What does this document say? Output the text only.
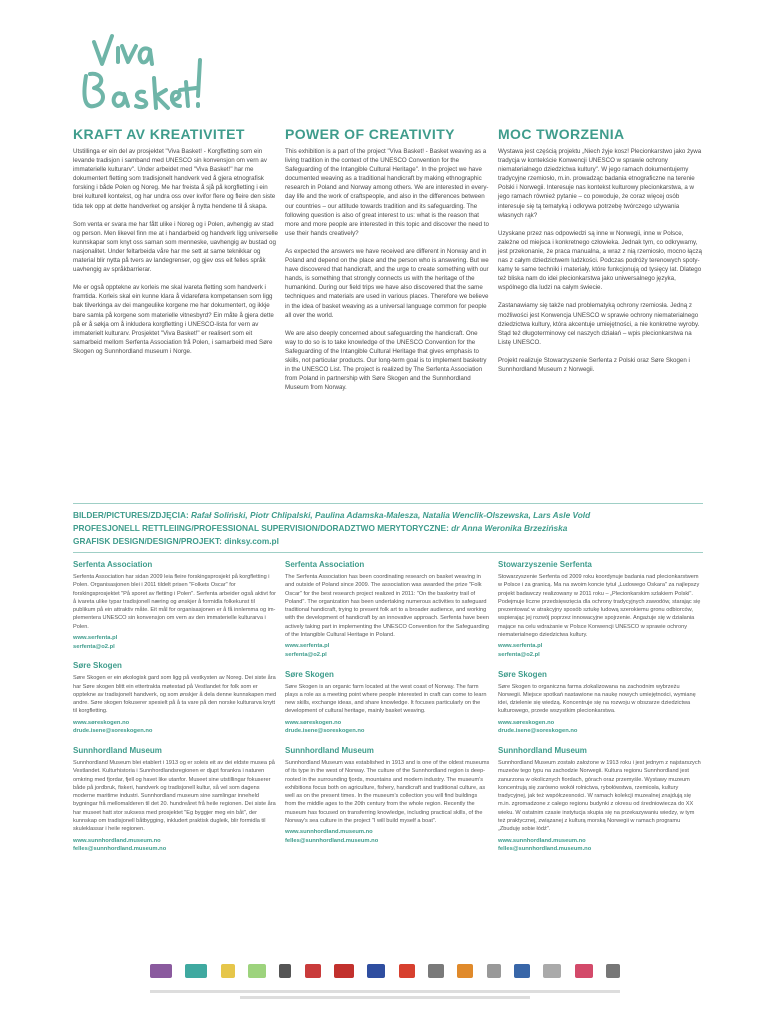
KRAFT AV KREATIVITET

Utstillinga er ein del av prosjektet "Viva Basket! - Korgfletting som ein levande tradisjon i samband med UNESCO sin konvensjon om vern av immaterielle kulturarv". Under arbeidet med "Viva Basket!" har me dokumentert fletting som tradisjonelt handverk ved å gjera etnografisk forsking i både Polen og Noreg. Me har freista å sjå på korgfletting i ein brei kulturell kontekst, og har undra oss over kvifor flere og fleire den siste tida tek opp at dette handverket og anskjer å nytta hendene til å skapa.

Som venta er svara me har fått ulike i Noreg og i Polen, avhengig av stad og person. Men likevel finn me at i handarbeid og handverk ligg universelle kunnskapar som knyt oss saman som menneske, uavhengig av bustad og nasjonalitet. Under feltarbeida våre har me sett at same teknikkar og material blir nytta på tvers av landegrenser, og gjev oss eit felles språk uavhengig av språkbarrierar.

Me er også opptekne av korleis me skal ivareta fletting som handverk i framtida. Korleis skal ein kunne klara å vidareføra kompetansen som ligg bak tilverkinga av dei mangeulike korgene me har dokumentert, og ikkje bare samla på korgene som materielle vitnesbyrd? Ein måte å gjera dette på er å søkja om å inkludera korgfletting i UNESCO-lista for vern av immaterielt kulturarv. Prosjektet "Viva Basket!" er realisert som eit samarbeid mellom Serfenta Association frå Polen, i samarbeid med Søre Skogen og Sunnhordland museum i Norge.

POWER OF CREATIVITY

This exhibition is a part of the project "Viva Basket! - Basket weaving as a living tradition in the context of the UNESCO Convention for the Safeguarding of the Intangible Cultural Heritage". In the project we have documented weaving as a traditional handicraft by making ethnographic research in Poland and Norway among others. We are interested in every-day life and the work of craftspeople, and also in the differences between our countries – our attitude towards tradition and its safeguarding. The following question is also of great interest to us: what is the reason that more and more people are interested in this topic and discover the need to use their hands creatively?

As expected the answers we have received are different in Norway and in Poland and depend on the place and the person who is answering. But we have discovered that handicraft, and the urge to create something with our hands, is something that strongly connects us with the heritage of the humankind. During our field trips we have also discovered that the same techniques and materials are used in various places. Therefore we believe in the idea of basket weaving as a universal language common for people all over the world.

We are also deeply concerned about safeguarding the handicraft. One way to do so is to take knowledge of the UNESCO Convention for the Safeguarding of the Intangible Cultural Heritage that gives emphasis to skills, not particular products. Our long-term goal is to implement basketry in the UNESCO List. The project is realized by The Serfenta Association from Poland in partnership with Søre Skogen and the Sunnhordland Museum from Norway.

MOC TWORZENIA

Wystawa jest częścią projektu „Niech żyje kosz! Plecionkarstwo jako żywa tradycja w kontekście Konwencji UNESCO w sprawie ochrony niematerialnego dziedzictwa kultury". W jego ramach dokumentujemy tradycyjne rzemiosło, m.in. prowadząc badania etnograficzne na terenie Polski i Norwegii. Interesuje nas kontekst kulturowy plecionkarstwa, a w jego ramach również pytanie – co powoduje, że coraz więcej osób interesuje się tą tematyką i odkrywa potrzebę twórczego używania własnych rąk?

Uzyskane przez nas odpowiedzi są inne w Norwegii, inne w Polsce, zależne od miejsca i konkretnego człowieka. Jednak tym, co odkrywamy, jest przekonanie, że praca manualna, a wraz z nią rzemiosło, mocno łączą nas z całym dziedzictwem ludzkości. Podczas podróży terenowych spotykamy te same techniki i materiały, które funkcjonują od tysięcy lat. Dlatego też bliska nam do idei plecionkarstwa jako uniwersalnego języka, wspólnego dla ludzi na całym świecie.

Zastanawiamy się także nad problematyką ochrony rzemiosła. Jedną z możliwości jest Konwencja UNESCO w sprawie ochrony niematerialnego dziedzictwa kultury, która akcentuje umiejętności, a nie konkretne wyroby. Stąd też długoterminowy cel naszych działań – wpis plecionkarstwa na Listę UNESCO.

Projekt realizuje Stowarzyszenie Serfenta z Polski oraz Søre Skogen i Sunnhordland Museum z Norwegii.

BILDER/PICTURES/ZDJĘCIA: Rafał Soliński, Piotr Chlipalski, Paulina Adamska-Malesza, Natalia Wenclik-Olszewska, Lars Asle Vold
PROFESJONELL RETTLEIING/PROFESSIONAL SUPERVISION/DORADZTWO MERYTORYCZNE: dr Anna Weronika Brzezińska
GRAFISK DESIGN/DESIGN/PROJEKT: dinksy.com.pl
Serfenta Association

Serfenta Association har sidan 2009 leia fleire forskingsprosjekt på korgfletting i Polen. Organisasjonen blei i 2011 tildelt prisen "Folkets Oscar" for forskingsprosjektet "På sporet av fletting i Polen". Serfenta arbeider også aktivt for å ivareta ulike typar tradisjonell næring og ønskjer å formidla folkekunst til publikum på ein attraktiv måte. Eit mål for organisasjonen er å få innlemma og implementera UNESCO sin konvensjon om vern av den immaterielle kulturarva i Polen.

www.serfenta.pl
serfenta@o2.pl
Søre Skogen

Søre Skogen er ein økologisk gard som ligg på vestkysten av Noreg. Dei siste åra har Søre skogen blitt ein ettertrakta møtestad på Vestlandet for folk som er opptekne av tradisjonelt handverk, og som ønskjer å dela denne kunnskapen med andre. Søre skogen fokuserer spesielt på å ta vare på den norske kulturarva knytt til korgfletting.

www.søreskogen.no
drude.isene@soreskogen.no
Sunnhordland Museum

Sunnhordland Museum blei etablert i 1913 og er soleis eit av dei eldste musea på Vestlandet. Kulturhistoria i Sunnhordlandsregionen er djupt forankra i naturen omkring med fjordar, fjell og havet like utanfor. Museet sine utstillingar fokuserer både på jordbruk, fiskeri, handverk og tradisjonell kultur, så vel som dagens moderne maritime industri. Sunnhordland museum sine samlingar inneheld bygningar frå mellomalderen til det 20. hundreåret frå heile regionen. Dei siste åra har museet hatt stor suksess med prosjektet "Eg byggjer meg ein båt", der kunnskap om tradisjonell båtbygging, inkludert praktisk dugleik, blir formidla til skuleklassar i heile regionen.

www.sunnhordland.museum.no
felles@sunnhordland.museum.no
Serfenta Association

The Serfenta Association has been coordinating research on basket weaving in and outside of Poland since 2009. The association was awarded the prize "Folk Oscar" for the best research project realized in 2011: "On the basketry trail of Poland". The organization has been undertaking numerous activities to safeguard traditional handicraft, trying to present folk art to a broader audience, and working with the development of handicraft by an innovative approach. Serfenta have been actively taking part in implementing the UNESCO Convention for the Safeguarding of the Intangible Cultural Heritage in Poland.

www.serfenta.pl
serfenta@o2.pl
Søre Skogen

Søre Skogen is an organic farm located at the west coast of Norway. The farm plays a role as a meeting point where people interested in craft can come to learn new skills, exchange ideas, and share knowledge. It focuses particularly on the development of cultural heritage, mainly basket weaving.

www.søreskogen.no
drude.isene@soreskogen.no
Sunnhordland Museum

Sunnhordland Museum was established in 1913 and is one of the oldest museums of its type in the west of Norway. The culture of the Sunnhordland region is deep-rooted in the surrounding fjords, mountains and modern industry. The museum's exhibitions focus both on agriculture, fishery, handicraft and traditional culture, as well as on the present times. In the museum's collection you will find buildings from the middle ages to the 20th century from the whole region. Recently the museum has focused on transferring knowledge, including practical skills, of the Norway's sea culture in the project "I will build myself a boat".

www.sunnhordland.museum.no
felles@sunnhordland.museum.no
Stowarzyszenie Serfenta

Stowarzyszenie Serfenta od 2009 roku koordynuje badania nad plecionkarstwem w Polsce i za granicą. Ma na swoim koncie tytuł „Ludowego Oskara" za najlepszy projekt badawczy realizowany w 2011 roku – „Plecionkarskim szlakiem Polski". Podejmuje liczne przedsięwzięcia dla ochrony tradycyjnych zawodów, starając się prezentować w atrakcyjny sposób sztukę ludową szerokiemu gronu odbiorców, wspierając jej rozwój poprzez innowacyjne spojrzenie. Angażuje się w działania mające na celu wdrażanie w Polsce Konwencji UNESCO w sprawie ochrony niematerialnego dziedzictwa kultury.

www.serfenta.pl
serfenta@o2.pl
Søre Skogen

Søre Skogen to organiczna farma zlokalizowana na zachodnim wybrzeżu Norwegii. Miejsce spotkań nastawione na naukę nowych umiejętności, wymianę idei, dzielenie się wiedzą. Koncentruje się na rozwoju w obszarze dziedzictwa kulturowego, przede wszystkim plecionkarstwa.

www.søreskogen.no
drude.isene@soreskogen.no
Sunnhordland Museum

Sunnhordland Museum zostało założone w 1913 roku i jest jednym z najstarszych muzeów tego typu na zachodzie Norwegii. Kultura regionu Sunnhordland jest zanurzona w okolicznych fiordach, górach oraz przemyśle. Wystawy muzeum koncentrują się zarówno wokół rolnictwa, rybołówstwa, rzemiosła, kultury tradycyjnej, jak też współczesności. W ramach kolekcji muzealnej znajdują się m.in. zgromadzone z całego regionu budynki z okresu od średniowiecza do XX wieku. W ostatnim czasie instytucja skupia się na przekazywaniu wiedzy, w tym też praktycznej, związanej z kulturą morską Norwegii w ramach programu „Zbuduję sobie łódź".

www.sunnhordland.museum.no
felles@sunnhordland.museum.no
